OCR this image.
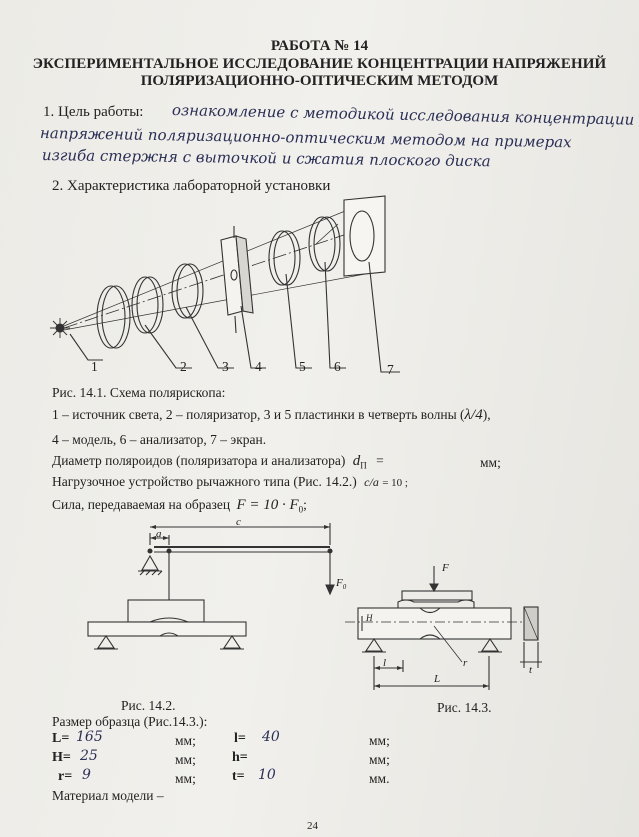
РАБОТА № 14
ЭКСПЕРИМЕНТАЛЬНОЕ ИССЛЕДОВАНИЕ КОНЦЕНТРАЦИИ НАПРЯЖЕНИЙ
ПОЛЯРИЗАЦИОННО-ОПТИЧЕСКИМ МЕТОДОМ
1. Цель работы: ознакомление с методикой исследования концентрации
напряжений поляризационно-оптическим методом на примерах
изгиба стержня с выточкой и сжатия плоского диска
2. Характеристика лабораторной установки
1	2	3 4	5 6	7
Рис. 14.1. Схема полярископа:
1 – источник света, 2 – поляризатор, 3 и 5 пластинки в четверть волны (λ/4),
4 – модель, 6 – анализатор, 7 – экран.
Диаметр поляроидов (поляризатора и анализатора) $d_П$ =	мм;
Нагрузочное устройство рычажного типа (Рис. 14.2.) c/a = 10 ;
Сила, передаваемая на образец $F = 10 \cdot F_0$;
a
c
$F_0$
F
H
l
L
r
t
Рис. 14.2.	Рис. 14.3.
Размер образца (Рис.14.3.):
L= 165	мм;	l= 40	мм;
H= 25	мм;	h=	мм;
r= 9	мм;	t= 10	мм.
Материал модели –
24
